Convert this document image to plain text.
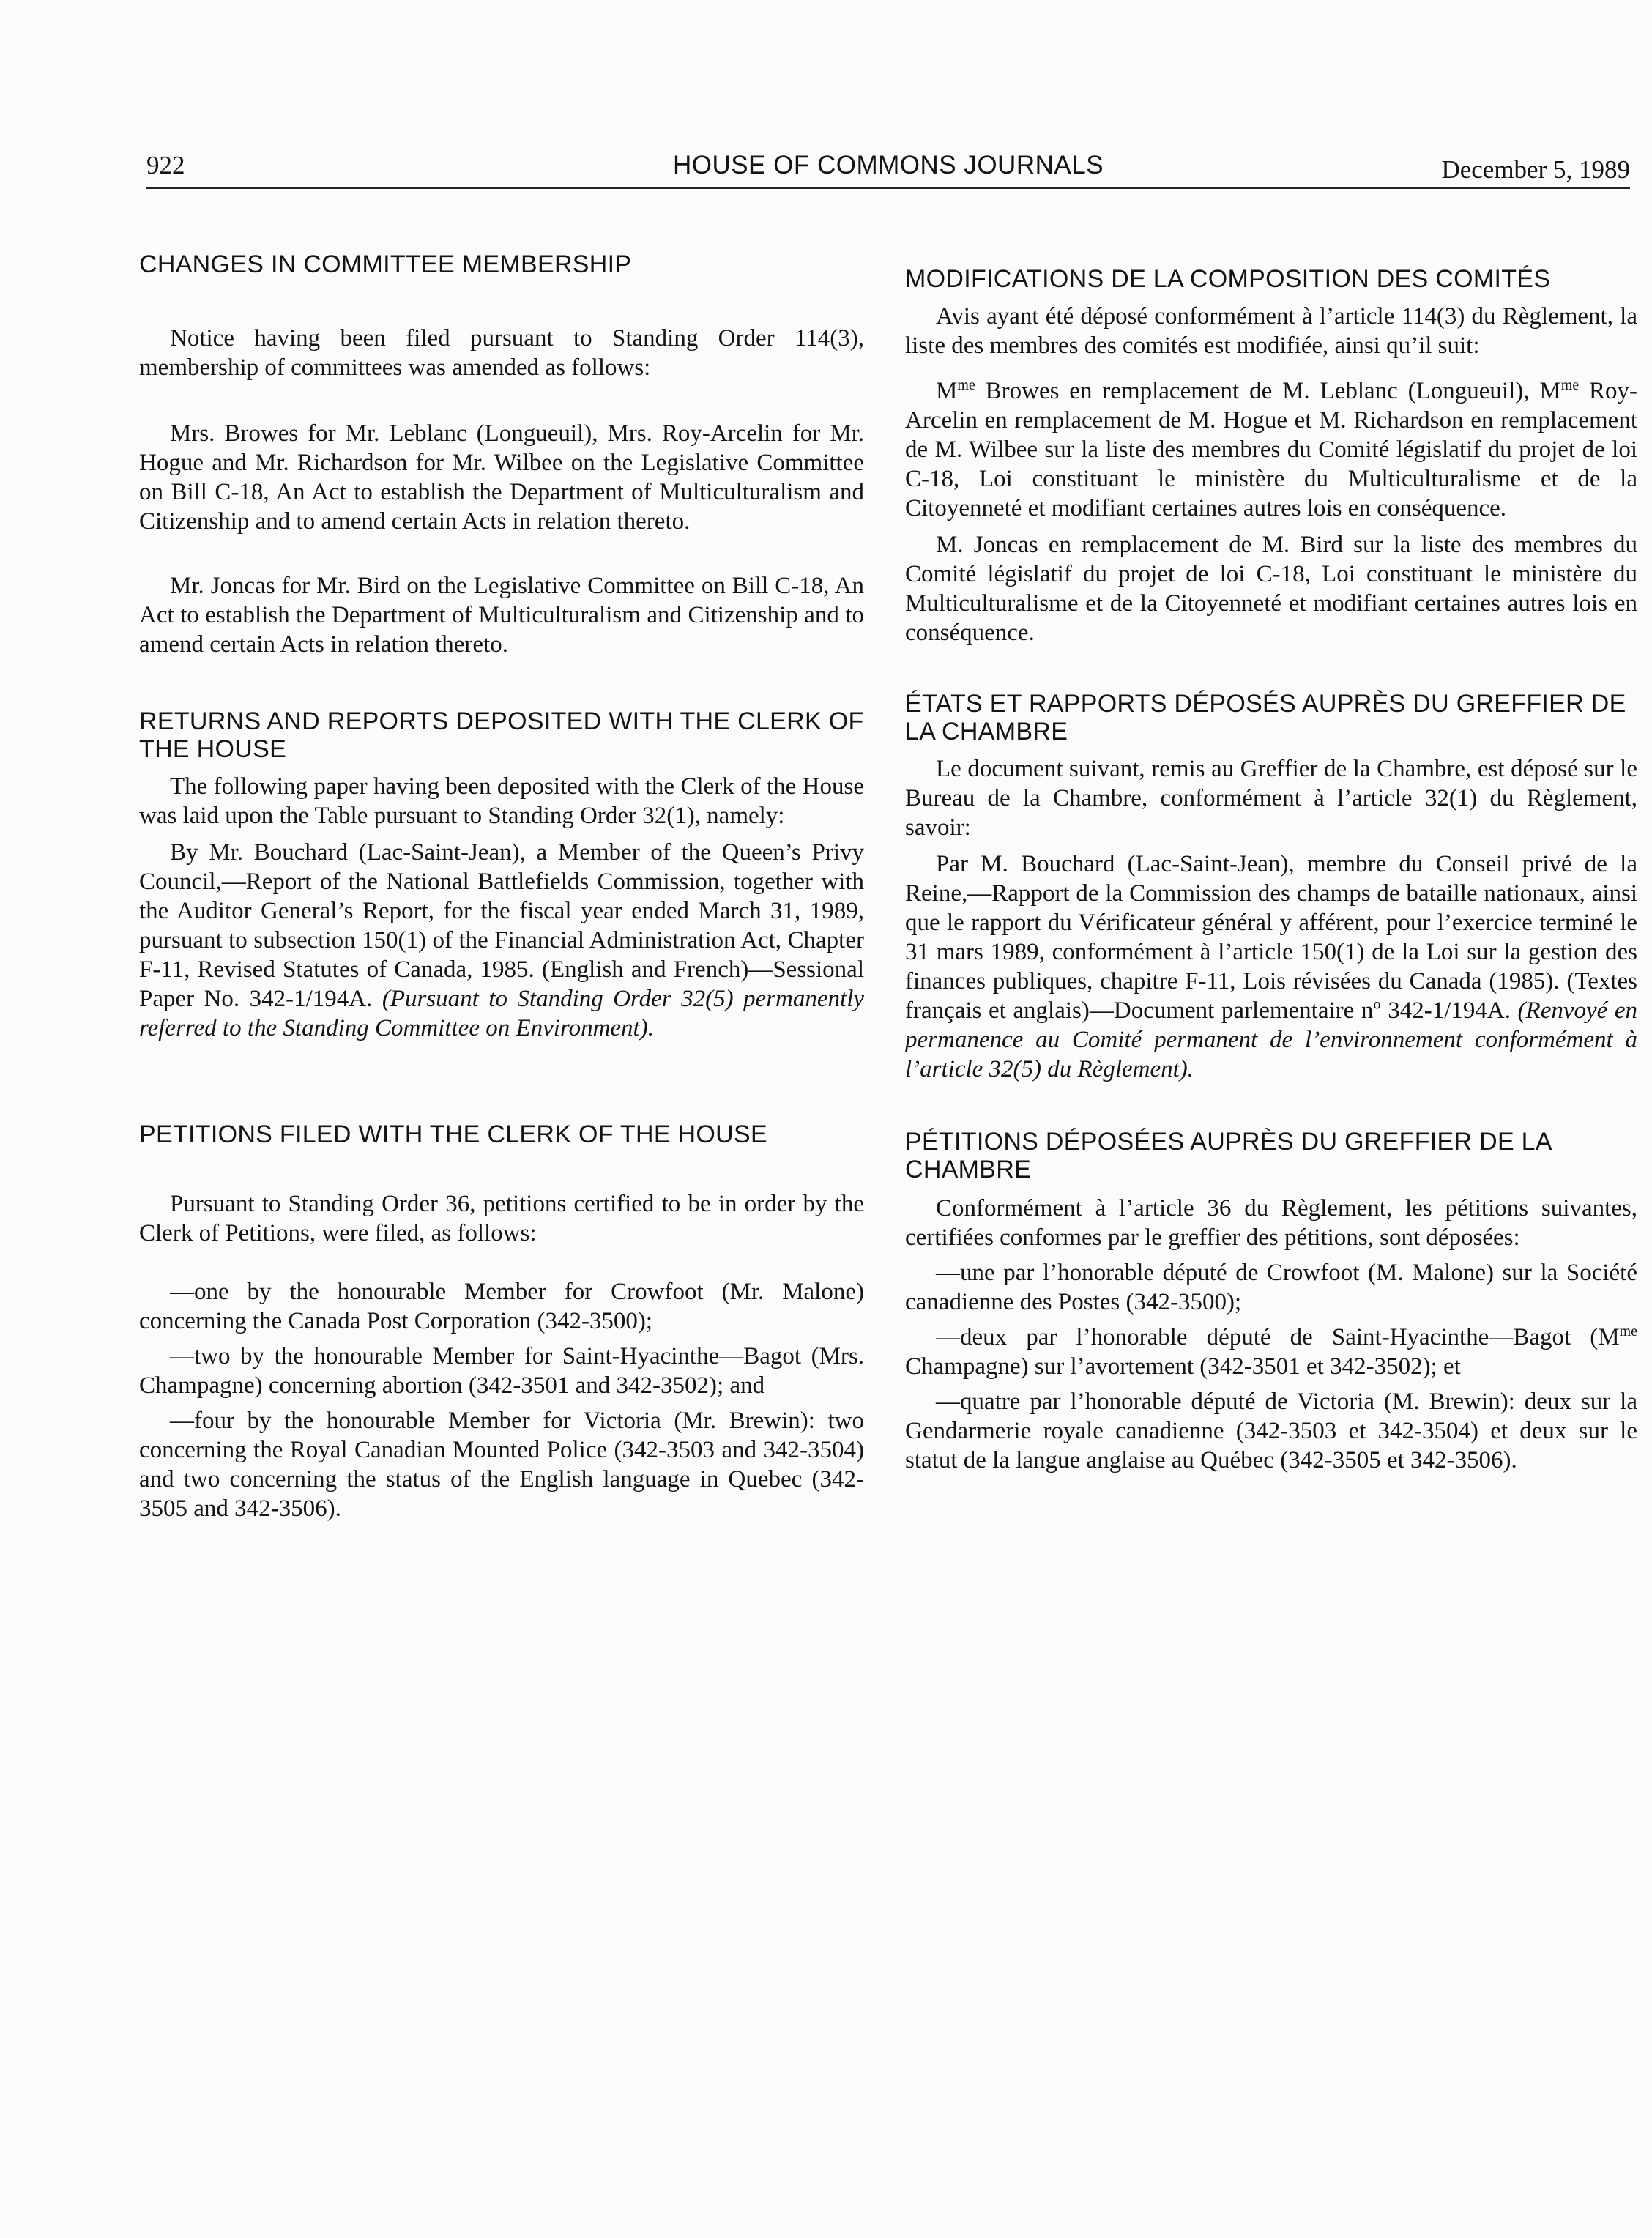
922	HOUSE OF COMMONS JOURNALS	December 5, 1989
CHANGES IN COMMITTEE MEMBERSHIP

Notice having been filed pursuant to Standing Order 114(3), membership of committees was amended as follows:

Mrs. Browes for Mr. Leblanc (Longueuil), Mrs. Roy-Arcelin for Mr. Hogue and Mr. Richardson for Mr. Wilbee on the Legislative Committee on Bill C-18, An Act to establish the Department of Multiculturalism and Citizenship and to amend certain Acts in relation thereto.

Mr. Joncas for Mr. Bird on the Legislative Committee on Bill C-18, An Act to establish the Department of Multiculturalism and Citizenship and to amend certain Acts in relation thereto.

RETURNS AND REPORTS DEPOSITED WITH THE CLERK OF THE HOUSE

The following paper having been deposited with the Clerk of the House was laid upon the Table pursuant to Standing Order 32(1), namely:

By Mr. Bouchard (Lac-Saint-Jean), a Member of the Queen’s Privy Council,—Report of the National Battlefields Commission, together with the Auditor General’s Report, for the fiscal year ended March 31, 1989, pursuant to subsection 150(1) of the Financial Administration Act, Chapter F-11, Revised Statutes of Canada, 1985. (English and French)—Sessional Paper No. 342-1/194A. (Pursuant to Standing Order 32(5) permanently referred to the Standing Committee on Environment).

PETITIONS FILED WITH THE CLERK OF THE HOUSE

Pursuant to Standing Order 36, petitions certified to be in order by the Clerk of Petitions, were filed, as follows:

—one by the honourable Member for Crowfoot (Mr. Malone) concerning the Canada Post Corporation (342-3500);

—two by the honourable Member for Saint-Hyacinthe—Bagot (Mrs. Champagne) concerning abortion (342-3501 and 342-3502); and

—four by the honourable Member for Victoria (Mr. Brewin): two concerning the Royal Canadian Mounted Police (342-3503 and 342-3504) and two concerning the status of the English language in Quebec (342-3505 and 342-3506).

MODIFICATIONS DE LA COMPOSITION DES COMITÉS

Avis ayant été déposé conformément à l’article 114(3) du Règlement, la liste des membres des comités est modifiée, ainsi qu’il suit:

$M^{me}$ Browes en remplacement de M. Leblanc (Longueuil), $M^{me}$ Roy-Arcelin en remplacement de M. Hogue et M. Richardson en remplacement de M. Wilbee sur la liste des membres du Comité législatif du projet de loi C-18, Loi constituant le ministère du Multiculturalisme et de la Citoyenneté et modifiant certaines autres lois en conséquence.

M. Joncas en remplacement de M. Bird sur la liste des membres du Comité législatif du projet de loi C-18, Loi constituant le ministère du Multiculturalisme et de la Citoyenneté et modifiant certaines autres lois en conséquence.

ÉTATS ET RAPPORTS DÉPOSÉS AUPRÈS DU GREFFIER DE LA CHAMBRE

Le document suivant, remis au Greffier de la Chambre, est déposé sur le Bureau de la Chambre, conformément à l’article 32(1) du Règlement, savoir:

Par M. Bouchard (Lac-Saint-Jean), membre du Conseil privé de la Reine,—Rapport de la Commission des champs de bataille nationaux, ainsi que le rapport du Vérificateur général y afférent, pour l’exercice terminé le 31 mars 1989, conformément à l’article 150(1) de la Loi sur la gestion des finances publiques, chapitre F-11, Lois révisées du Canada (1985). (Textes français et anglais)—Document parlementaire nº 342-1/194A. (Renvoyé en permanence au Comité permanent de l’environnement conformément à l’article 32(5) du Règlement).

PÉTITIONS DÉPOSÉES AUPRÈS DU GREFFIER DE LA CHAMBRE

Conformément à l’article 36 du Règlement, les pétitions suivantes, certifiées conformes par le greffier des pétitions, sont déposées:

—une par l’honorable député de Crowfoot (M. Malone) sur la Société canadienne des Postes (342-3500);

—deux par l’honorable député de Saint-Hyacinthe—Bagot ($M^{me}$ Champagne) sur l’avortement (342-3501 et 342-3502); et

—quatre par l’honorable député de Victoria (M. Brewin): deux sur la Gendarmerie royale canadienne (342-3503 et 342-3504) et deux sur le statut de la langue anglaise au Québec (342-3505 et 342-3506).
